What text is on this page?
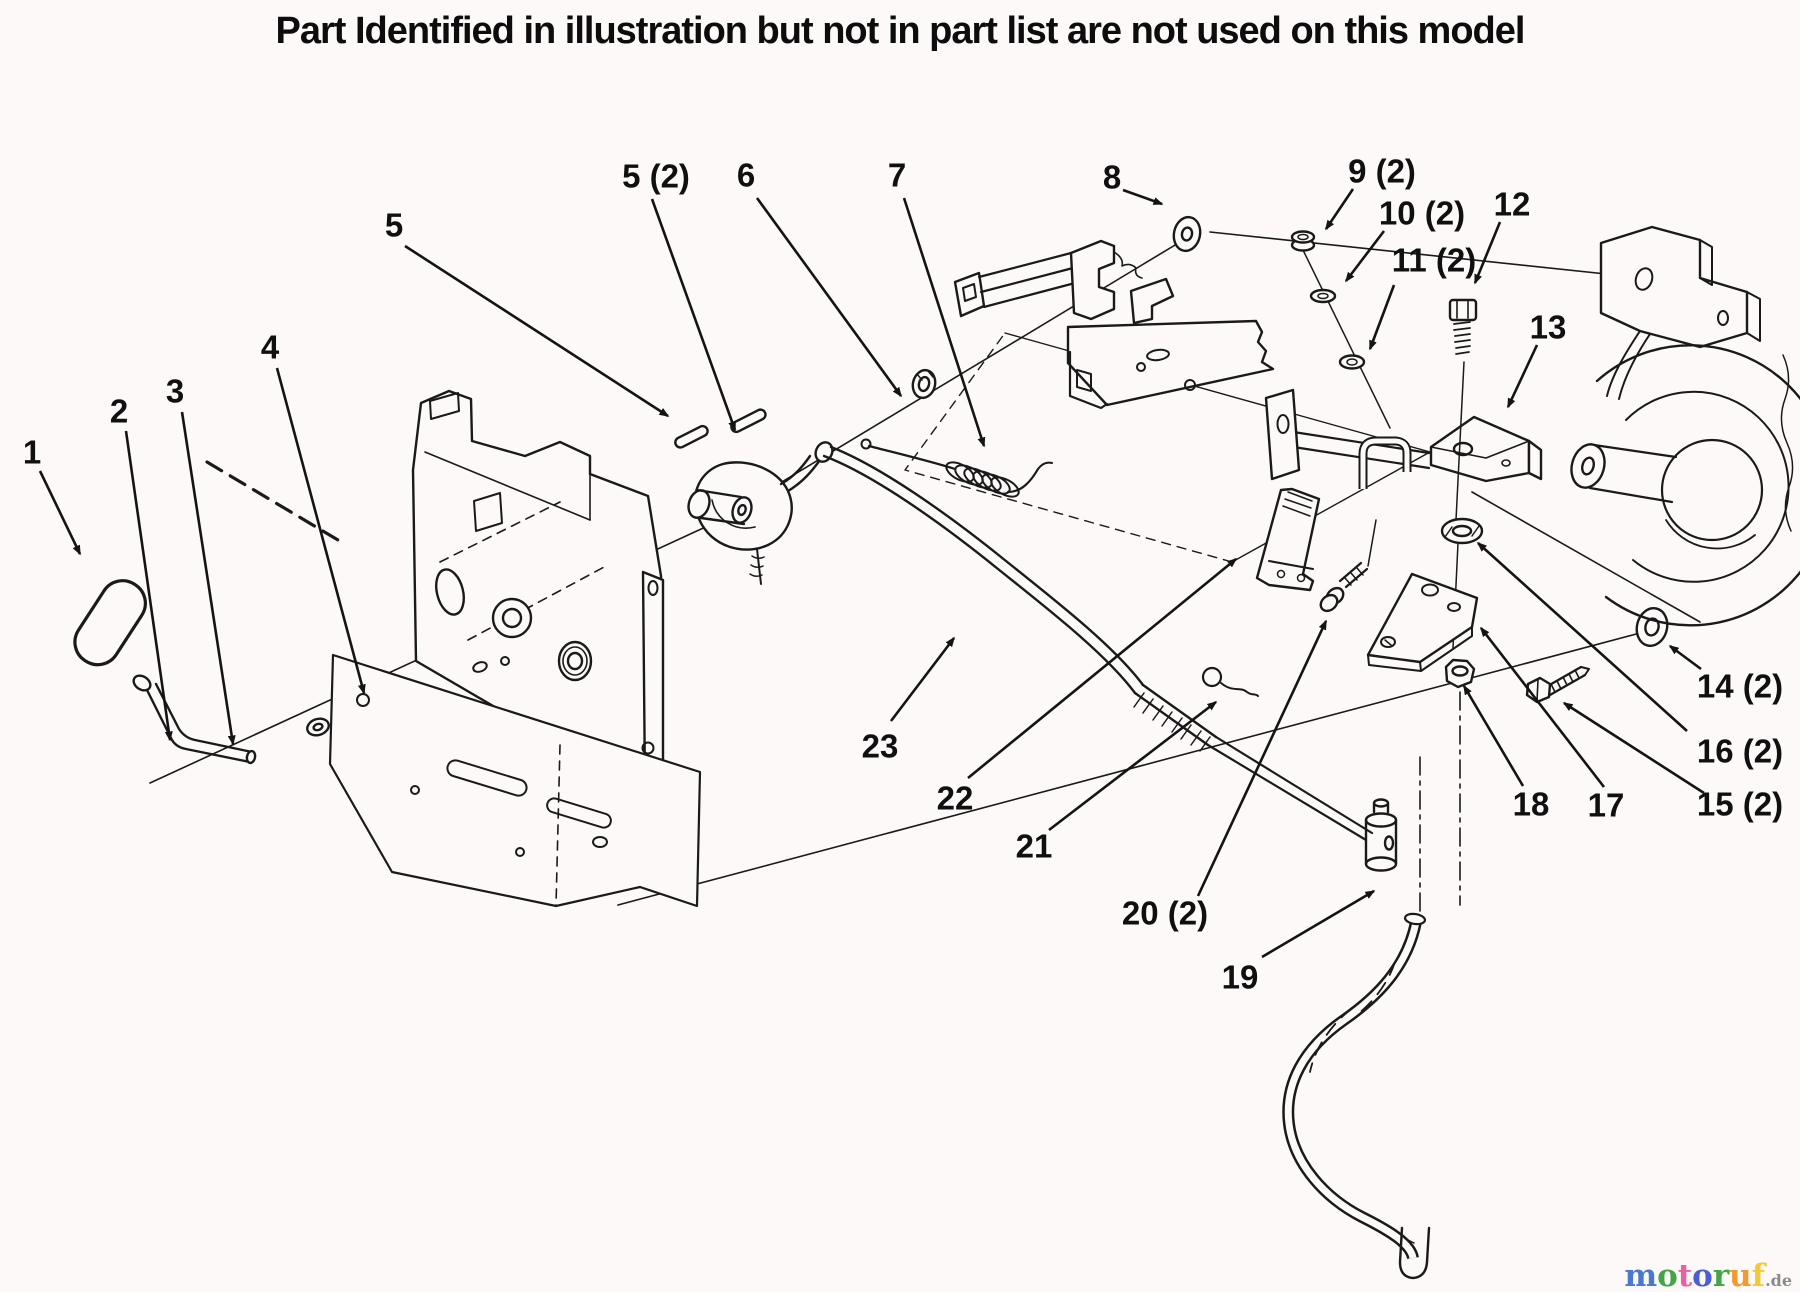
Part Identified in illustration but not in part list are not used on this model
1
2
3
4
5
5 (2) 6	7	8	9 (2)
10 (2)
11 (2)
12
13
14 (2)
16 (2)
15 (2)
17
18
19
20 (2)
21
22
23
motoruf.de
